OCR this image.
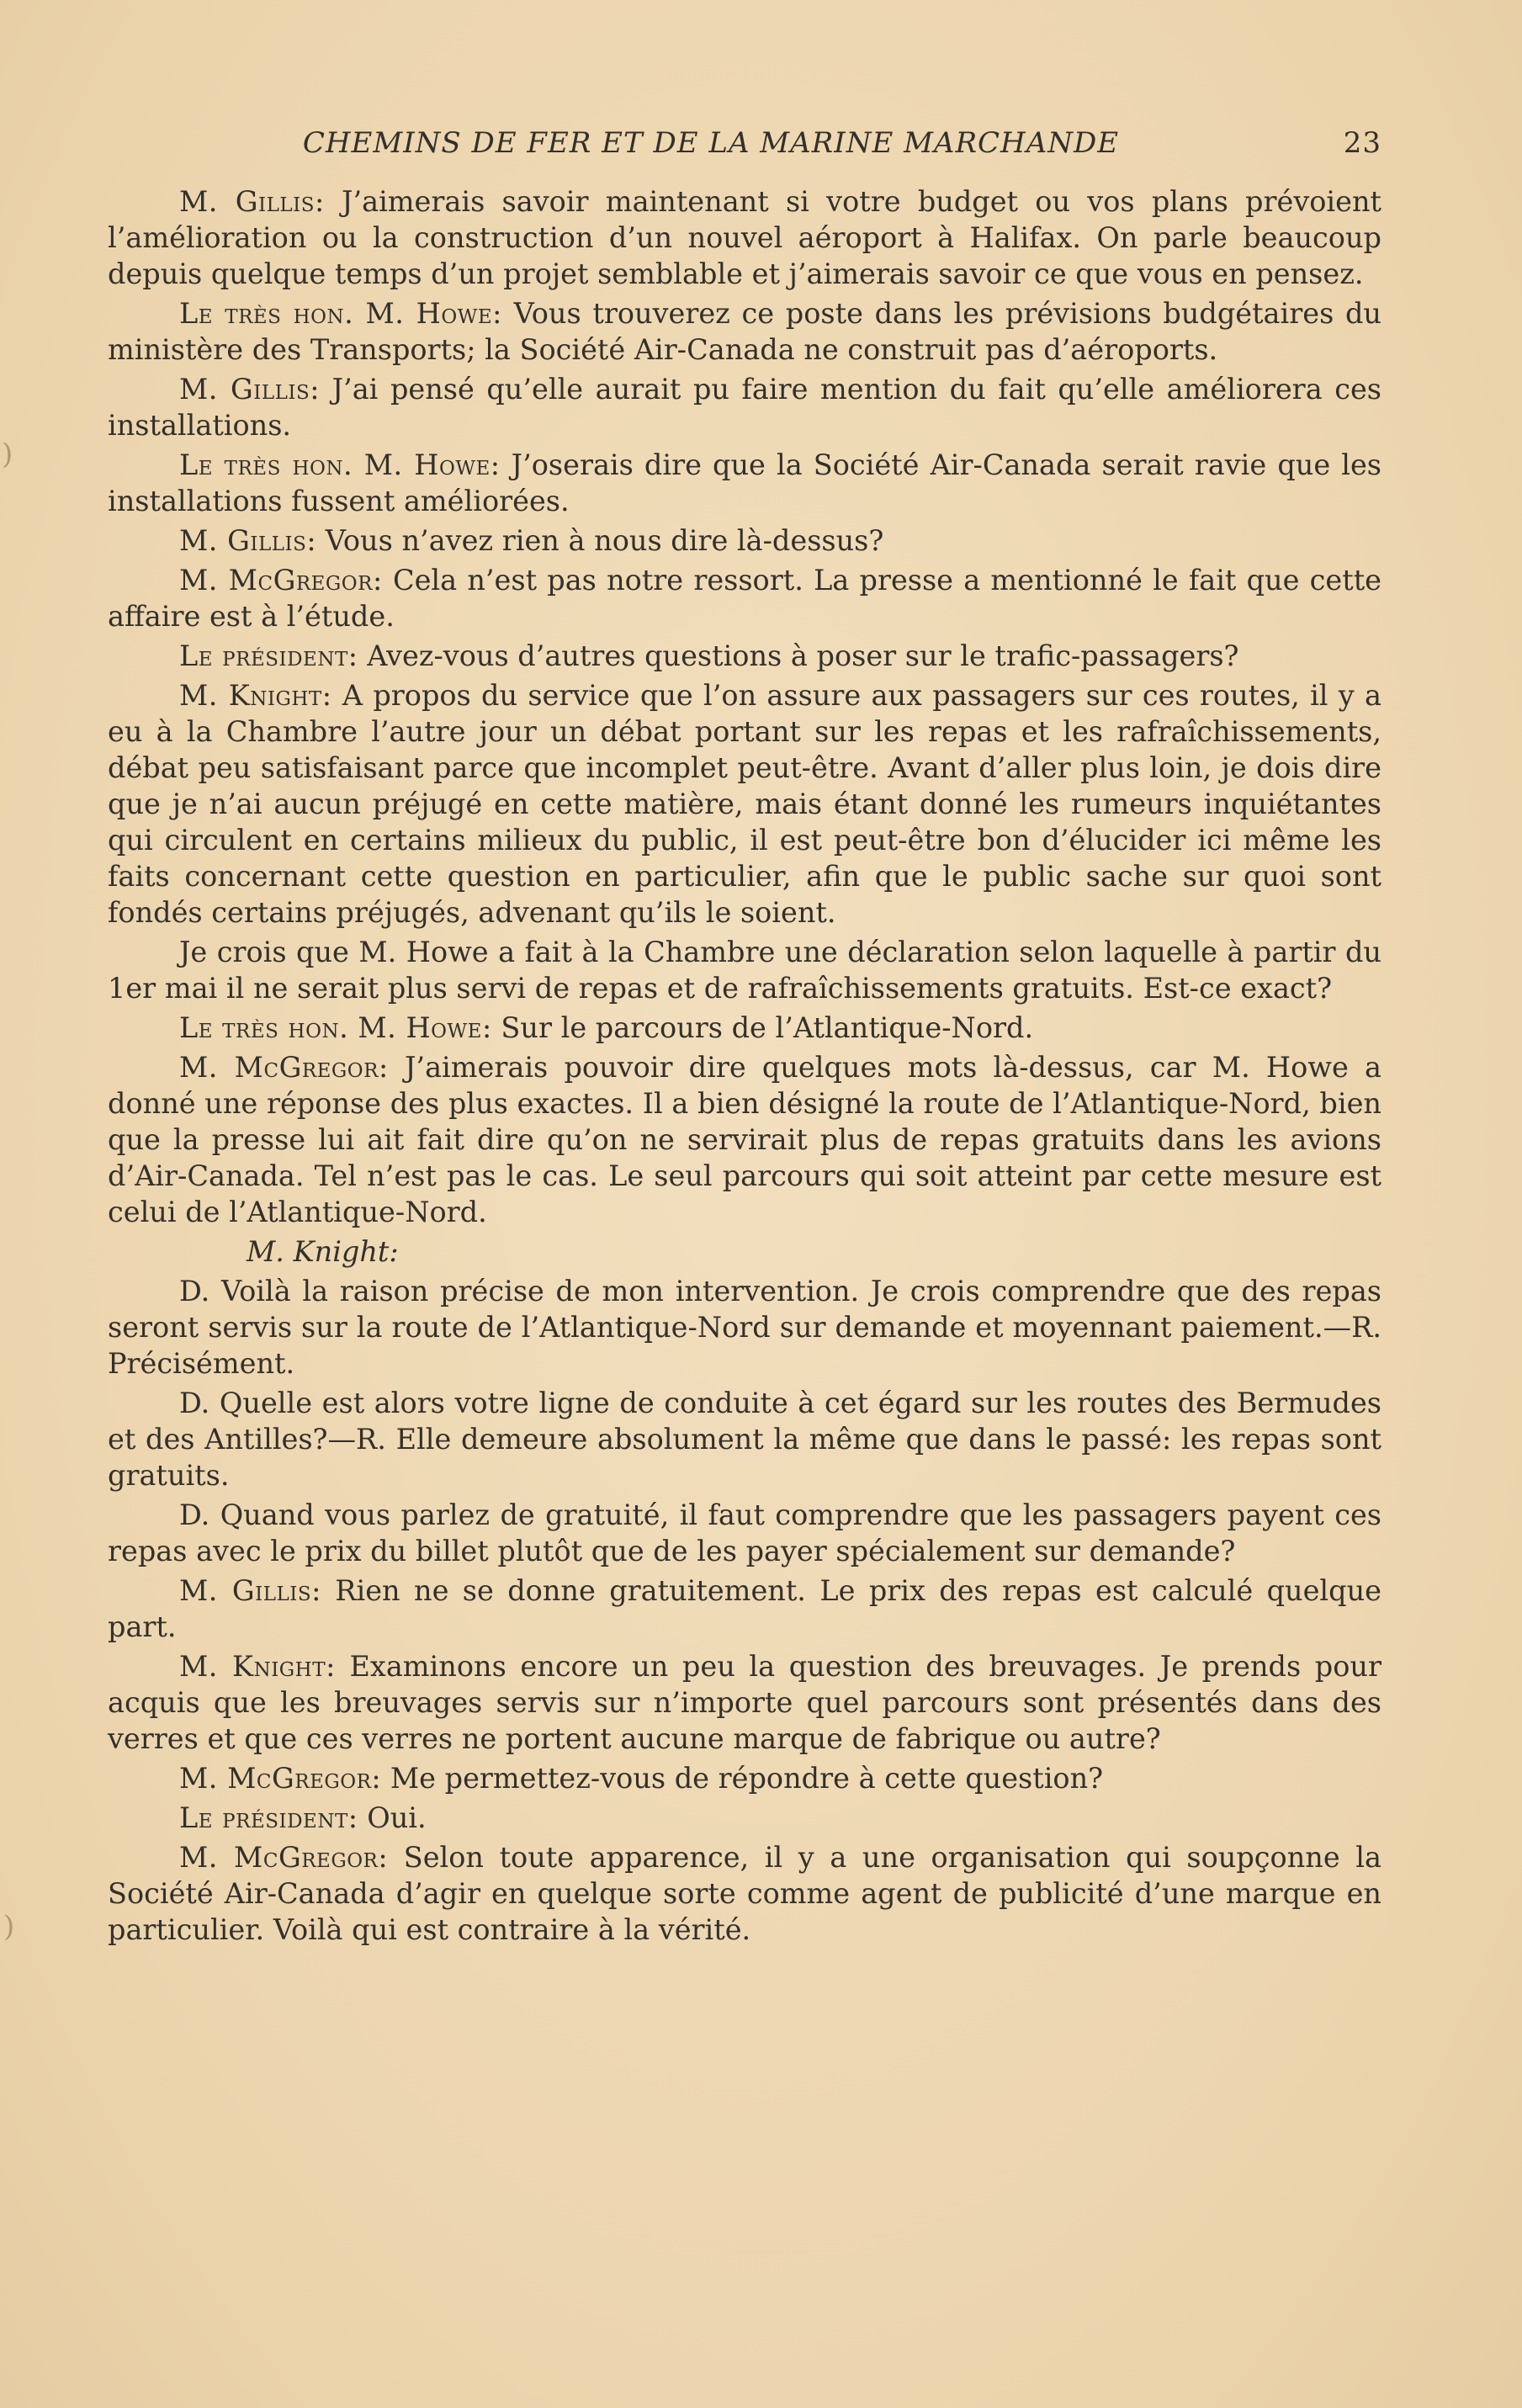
CHEMINS DE FER ET DE LA MARINE MARCHANDE	23

M. Gillis: J’aimerais savoir maintenant si votre budget ou vos plans prévoient l’amélioration ou la construction d’un nouvel aéroport à Halifax. On parle beaucoup depuis quelque temps d’un projet semblable et j’aimerais savoir ce que vous en pensez.

Le très hon. M. Howe: Vous trouverez ce poste dans les prévisions budgétaires du ministère des Transports; la Société Air-Canada ne construit pas d’aéroports.

M. Gillis: J’ai pensé qu’elle aurait pu faire mention du fait qu’elle améliorera ces installations.

Le très hon. M. Howe: J’oserais dire que la Société Air-Canada serait ravie que les installations fussent améliorées.

M. Gillis: Vous n’avez rien à nous dire là-dessus?

M. McGregor: Cela n’est pas notre ressort. La presse a mentionné le fait que cette affaire est à l’étude.

Le président: Avez-vous d’autres questions à poser sur le trafic-passagers?

M. Knight: A propos du service que l’on assure aux passagers sur ces routes, il y a eu à la Chambre l’autre jour un débat portant sur les repas et les rafraîchissements, débat peu satisfaisant parce que incomplet peut-être. Avant d’aller plus loin, je dois dire que je n’ai aucun préjugé en cette matière, mais étant donné les rumeurs inquiétantes qui circulent en certains milieux du public, il est peut-être bon d’élucider ici même les faits concernant cette question en particulier, afin que le public sache sur quoi sont fondés certains préjugés, advenant qu’ils le soient.

Je crois que M. Howe a fait à la Chambre une déclaration selon laquelle à partir du 1er mai il ne serait plus servi de repas et de rafraîchissements gratuits. Est-ce exact?

Le très hon. M. Howe: Sur le parcours de l’Atlantique-Nord.

M. McGregor: J’aimerais pouvoir dire quelques mots là-dessus, car M. Howe a donné une réponse des plus exactes. Il a bien désigné la route de l’Atlantique-Nord, bien que la presse lui ait fait dire qu’on ne servirait plus de repas gratuits dans les avions d’Air-Canada. Tel n’est pas le cas. Le seul parcours qui soit atteint par cette mesure est celui de l’Atlantique-Nord.

M. Knight:

D. Voilà la raison précise de mon intervention. Je crois comprendre que des repas seront servis sur la route de l’Atlantique-Nord sur demande et moyennant paiement.—R. Précisément.

D. Quelle est alors votre ligne de conduite à cet égard sur les routes des Bermudes et des Antilles?—R. Elle demeure absolument la même que dans le passé: les repas sont gratuits.

D. Quand vous parlez de gratuité, il faut comprendre que les passagers payent ces repas avec le prix du billet plutôt que de les payer spécialement sur demande?

M. Gillis: Rien ne se donne gratuitement. Le prix des repas est calculé quelque part.

M. Knight: Examinons encore un peu la question des breuvages. Je prends pour acquis que les breuvages servis sur n’importe quel parcours sont présentés dans des verres et que ces verres ne portent aucune marque de fabrique ou autre?

M. McGregor: Me permettez-vous de répondre à cette question?

Le président: Oui.

M. McGregor: Selon toute apparence, il y a une organisation qui soupçonne la Société Air-Canada d’agir en quelque sorte comme agent de publicité d’une marque en particulier. Voilà qui est contraire à la vérité.

)
)
